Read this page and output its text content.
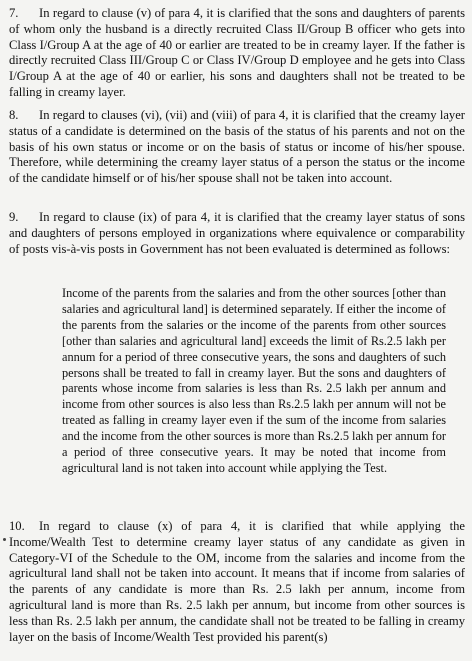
7. In regard to clause (v) of para 4, it is clarified that the sons and daughters of parents of whom only the husband is a directly recruited Class II/Group B officer who gets into Class I/Group A at the age of 40 or earlier are treated to be in creamy layer. If the father is directly recruited Class III/Group C or Class IV/Group D employee and he gets into Class I/Group A at the age of 40 or earlier, his sons and daughters shall not be treated to be falling in creamy layer.

8. In regard to clauses (vi), (vii) and (viii) of para 4, it is clarified that the creamy layer status of a candidate is determined on the basis of the status of his parents and not on the basis of his own status or income or on the basis of status or income of his/her spouse. Therefore, while determining the creamy layer status of a person the status or the income of the candidate himself or of his/her spouse shall not be taken into account.

9. In regard to clause (ix) of para 4, it is clarified that the creamy layer status of sons and daughters of persons employed in organizations where equivalence or comparability of posts vis-à-vis posts in Government has not been evaluated is determined as follows:

Income of the parents from the salaries and from the other sources [other than salaries and agricultural land] is determined separately. If either the income of the parents from the salaries or the income of the parents from other sources [other than salaries and agricultural land] exceeds the limit of Rs.2.5 lakh per annum for a period of three consecutive years, the sons and daughters of such persons shall be treated to fall in creamy layer. But the sons and daughters of parents whose income from salaries is less than Rs. 2.5 lakh per annum and income from other sources is also less than Rs.2.5 lakh per annum will not be treated as falling in creamy layer even if the sum of the income from salaries and the income from the other sources is more than Rs.2.5 lakh per annum for a period of three consecutive years. It may be noted that income from agricultural land is not taken into account while applying the Test.

10. In regard to clause (x) of para 4, it is clarified that while applying the Income/Wealth Test to determine creamy layer status of any candidate as given in Category-VI of the Schedule to the OM, income from the salaries and income from the agricultural land shall not be taken into account. It means that if income from salaries of the parents of any candidate is more than Rs. 2.5 lakh per annum, income from agricultural land is more than Rs. 2.5 lakh per annum, but income from other sources is less than Rs. 2.5 lakh per annum, the candidate shall not be treated to be falling in creamy layer on the basis of Income/Wealth Test provided his parent(s)
